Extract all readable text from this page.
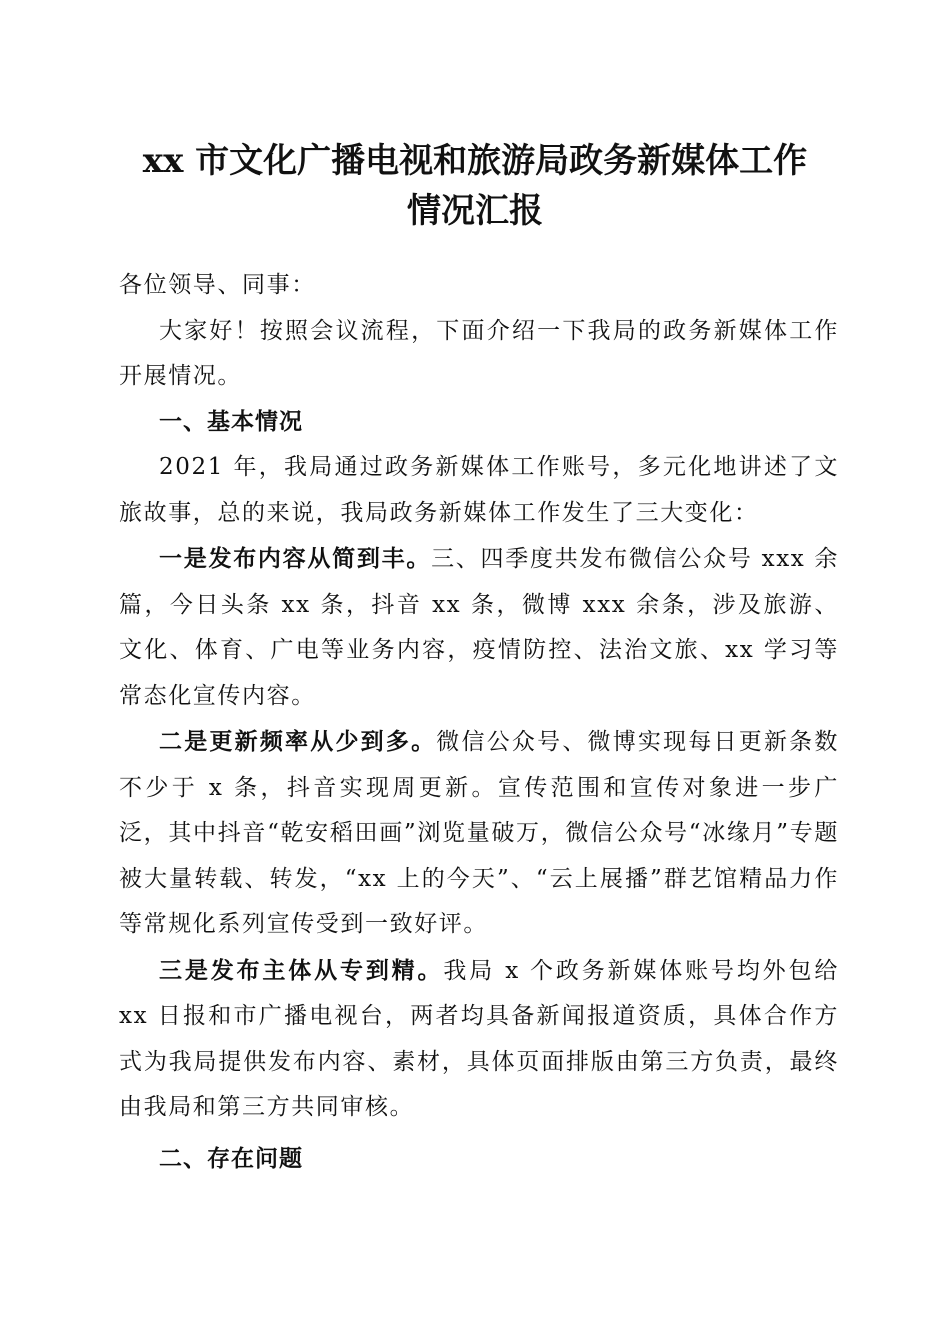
xx 市文化广播电视和旅游局政务新媒体工作
情况汇报

各位领导、同事：

大家好！按照会议流程，下面介绍一下我局的政务新媒体工作开展情况。

一、基本情况

2021 年，我局通过政务新媒体工作账号，多元化地讲述了文旅故事，总的来说，我局政务新媒体工作发生了三大变化：

一是发布内容从简到丰。三、四季度共发布微信公众号 xxx 余篇，今日头条 xx 条，抖音 xx 条，微博 xxx 余条，涉及旅游、文化、体育、广电等业务内容，疫情防控、法治文旅、xx 学习等常态化宣传内容。

二是更新频率从少到多。微信公众号、微博实现每日更新条数不少于 x 条，抖音实现周更新。宣传范围和宣传对象进一步广泛，其中抖音“乾安稻田画”浏览量破万，微信公众号“冰缘月”专题被大量转载、转发，“xx 上的今天”、“云上展播”群艺馆精品力作等常规化系列宣传受到一致好评。

三是发布主体从专到精。我局 x 个政务新媒体账号均外包给 xx 日报和市广播电视台，两者均具备新闻报道资质，具体合作方式为我局提供发布内容、素材，具体页面排版由第三方负责，最终由我局和第三方共同审核。

二、存在问题
